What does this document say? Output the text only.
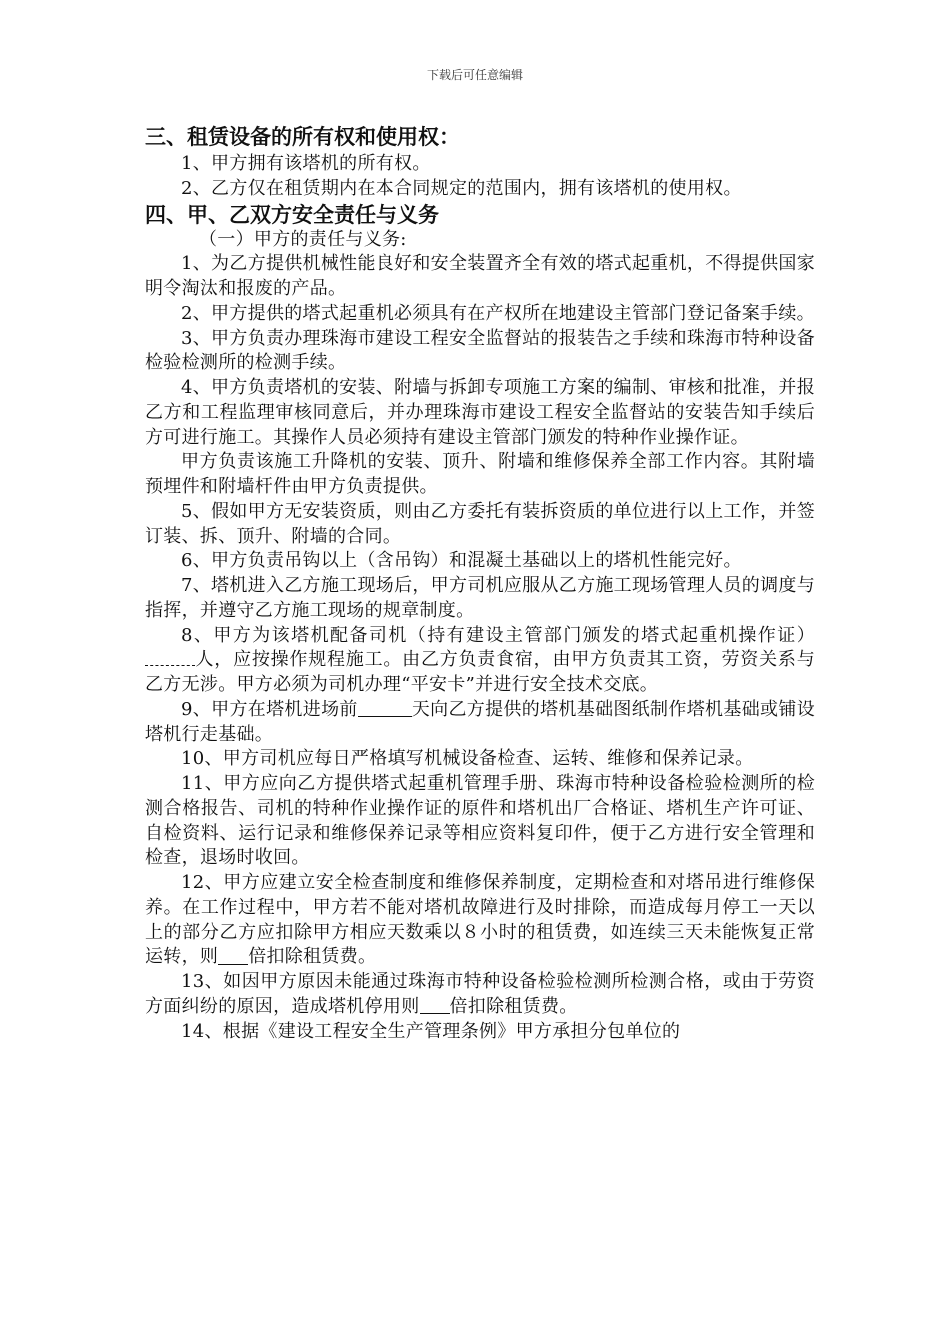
下载后可任意编辑
三、租赁设备的所有权和使用权：

1、甲方拥有该塔机的所有权。

2、乙方仅在租赁期内在本合同规定的范围内，拥有该塔机的使用权。

四、甲、乙双方安全责任与义务

（一）甲方的责任与义务:

1、为乙方提供机械性能良好和安全装置齐全有效的塔式起重机，不得提供国家明令淘汰和报废的产品。

2、甲方提供的塔式起重机必须具有在产权所在地建设主管部门登记备案手续。

3、甲方负责办理珠海市建设工程安全监督站的报装告之手续和珠海市特种设备检验检测所的检测手续。

4、甲方负责塔机的安装、附墙与拆卸专项施工方案的编制、审核和批准，并报乙方和工程监理审核同意后，并办理珠海市建设工程安全监督站的安装告知手续后方可进行施工。其操作人员必须持有建设主管部门颁发的特种作业操作证。

甲方负责该施工升降机的安装、顶升、附墙和维修保养全部工作内容。其附墙预埋件和附墙杆件由甲方负责提供。

5、假如甲方无安装资质，则由乙方委托有装拆资质的单位进行以上工作，并签订装、拆、顶升、附墙的合同。

6、甲方负责吊钩以上（含吊钩）和混凝土基础以上的塔机性能完好。

7、塔机进入乙方施工现场后，甲方司机应服从乙方施工现场管理人员的调度与指挥，并遵守乙方施工现场的规章制度。

8、甲方为该塔机配备司机（持有建设主管部门颁发的塔式起重机操作证）人，应按操作规程施工。由乙方负责食宿，由甲方负责其工资，劳资关系与乙方无涉。甲方必须为司机办理“平安卡”并进行安全技术交底。

9、甲方在塔机进场前	天向乙方提供的塔机基础图纸制作塔机基础或铺设塔机行走基础。

10、甲方司机应每日严格填写机械设备检查、运转、维修和保养记录。

11、甲方应向乙方提供塔式起重机管理手册、珠海市特种设备检验检测所的检测合格报告、司机的特种作业操作证的原件和塔机出厂合格证、塔机生产许可证、自检资料、运行记录和维修保养记录等相应资料复印件，便于乙方进行安全管理和检查，退场时收回。

12、甲方应建立安全检查制度和维修保养制度，定期检查和对塔吊进行维修保养。在工作过程中，甲方若不能对塔机故障进行及时排除，而造成每月停工一天以上的部分乙方应扣除甲方相应天数乘以８小时的租赁费，如连续三天未能恢复正常运转，则 倍扣除租赁费。

13、如因甲方原因未能通过珠海市特种设备检验检测所检测合格，或由于劳资方面纠纷的原因，造成塔机停用则 倍扣除租赁费。

14、根据《建设工程安全生产管理条例》甲方承担分包单位的
